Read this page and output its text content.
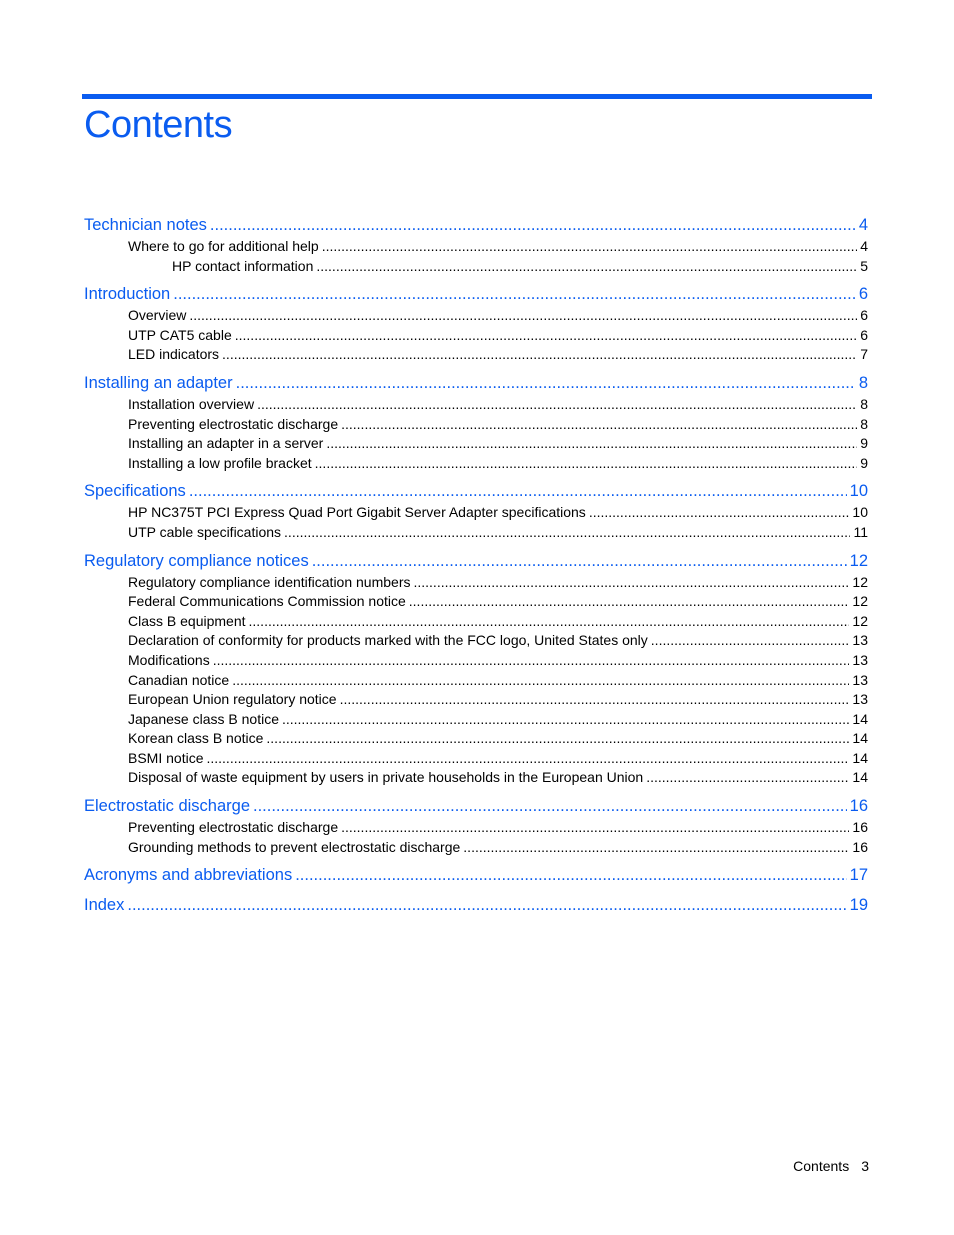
Contents
Technician notes .....	4
Where to go for additional help .....	4
HP contact information .....	5
Introduction .....	6
Overview .....	6
UTP CAT5 cable .....	6
LED indicators .....	7
Installing an adapter .....	8
Installation overview .....	8
Preventing electrostatic discharge .....	8
Installing an adapter in a server .....	9
Installing a low profile bracket .....	9
Specifications .....	10
HP NC375T PCI Express Quad Port Gigabit Server Adapter specifications .....	10
UTP cable specifications .....	11
Regulatory compliance notices .....	12
Regulatory compliance identification numbers .....	12
Federal Communications Commission notice .....	12
Class B equipment .....	12
Declaration of conformity for products marked with the FCC logo, United States only .....	13
Modifications .....	13
Canadian notice .....	13
European Union regulatory notice .....	13
Japanese class B notice .....	14
Korean class B notice .....	14
BSMI notice .....	14
Disposal of waste equipment by users in private households in the European Union .....	14
Electrostatic discharge .....	16
Preventing electrostatic discharge .....	16
Grounding methods to prevent electrostatic discharge .....	16
Acronyms and abbreviations .....	17
Index .....	19
Contents 3
